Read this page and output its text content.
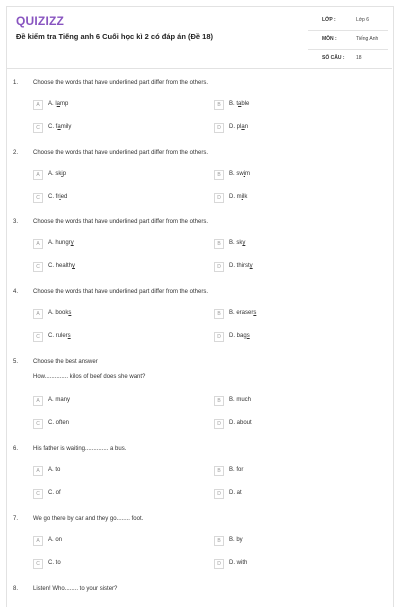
QUIZIZZ
Đề kiểm tra Tiếng anh 6 Cuối học kì 2 có đáp án (Đề 18)
LỚP :	Lớp 6
MÔN :	Tiếng Anh
SỐ CÂU : 18
1. Choose the words that have underlined part differ from the others.
A	A. lamp	B	B. table
C	C. family	D	D. plan
2. Choose the words that have underlined part differ from the others.
A	A. skip	B	B. swim
C	C. fried	D	D. milk
3. Choose the words that have underlined part differ from the others.
A	A. hungry	B	B. sky
C	C. healthy	D	D. thirsty
4. Choose the words that have underlined part differ from the others.
A	A. books	B	B. erasers
C	C. rulers	D	D. bags
5. Choose the best answer
How.............. kilos of beef does she want?
A	A. many	B	B. much
C	C. often	D	D. about
6. His father is waiting.............. a bus.
A	A. to	B	B. for
C	C. of	D	D. at
7. We go there by car and they go........ foot.
A	A. on	B	B. by
C	C. to	D	D. with
8. Listen! Who........ to your sister?
